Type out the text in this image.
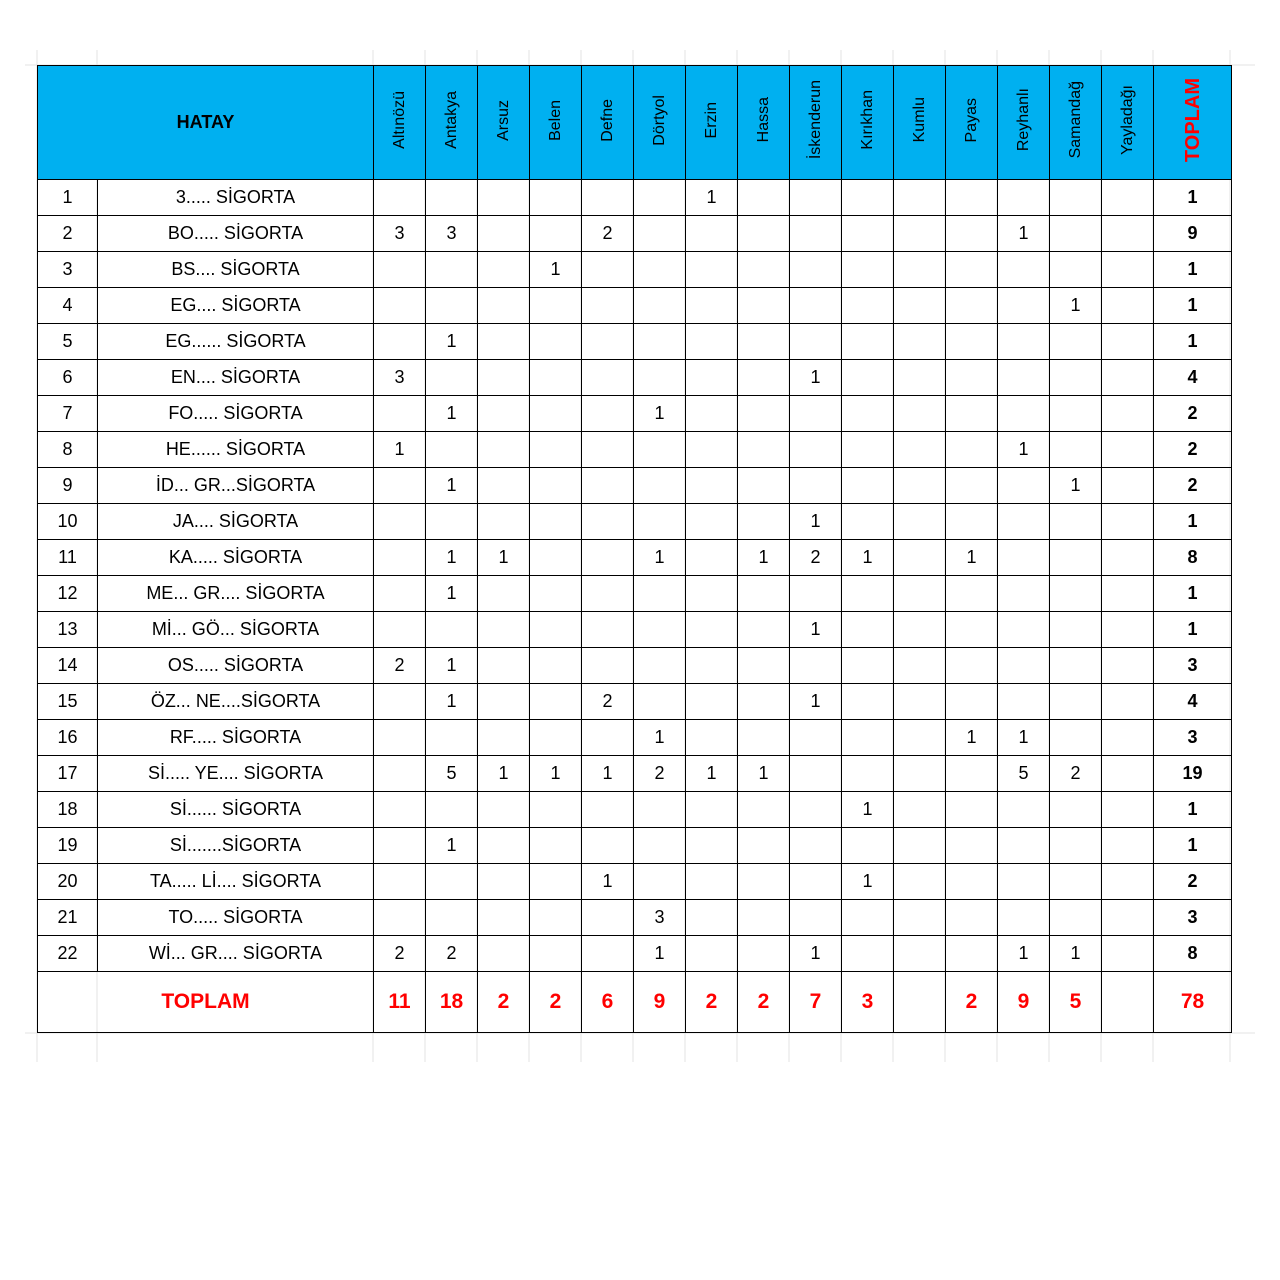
HATAY		Altınözü	Antakya	Arsuz	Belen	Defne	Dörtyol	Erzin	Hassa	İskenderun	Kırıkhan	Kumlu	Payas	Reyhanlı	Samandağ	Yayladağı	TOPLAM
1	3..... SİGORTA							1									1
2	BO..... SİGORTA	3	3			2								1			9
3	BS.... SİGORTA				1												1
4	EG.... SİGORTA														1		1
5	EG...... SİGORTA		1														1
6	EN.... SİGORTA	3								1							4
7	FO..... SİGORTA		1				1										2
8	HE...... SİGORTA	1												1			2
9	İD... GR...SİGORTA		1												1		2
10	JA.... SİGORTA									1							1
11	KA..... SİGORTA		1	1			1		1	2	1		1				8
12	ME... GR.... SİGORTA		1														1
13	Mİ... GÖ... SİGORTA									1							1
14	OS..... SİGORTA	2	1														3
15	ÖZ... NE....SİGORTA		1			2				1							4
16	RF..... SİGORTA						1						1	1			3
17	Sİ..... YE.... SİGORTA		5	1	1	1	2	1	1					5	2		19
18	Sİ...... SİGORTA										1						1
19	Sİ.......SİGORTA		1														1
20	TA..... Lİ.... SİGORTA					1					1						2
21	TO..... SİGORTA						3										3
22	Wİ... GR.... SİGORTA	2	2				1			1				1	1		8
TOPLAM		11	18	2	2	6	9	2	2	7	3		2	9	5		78
